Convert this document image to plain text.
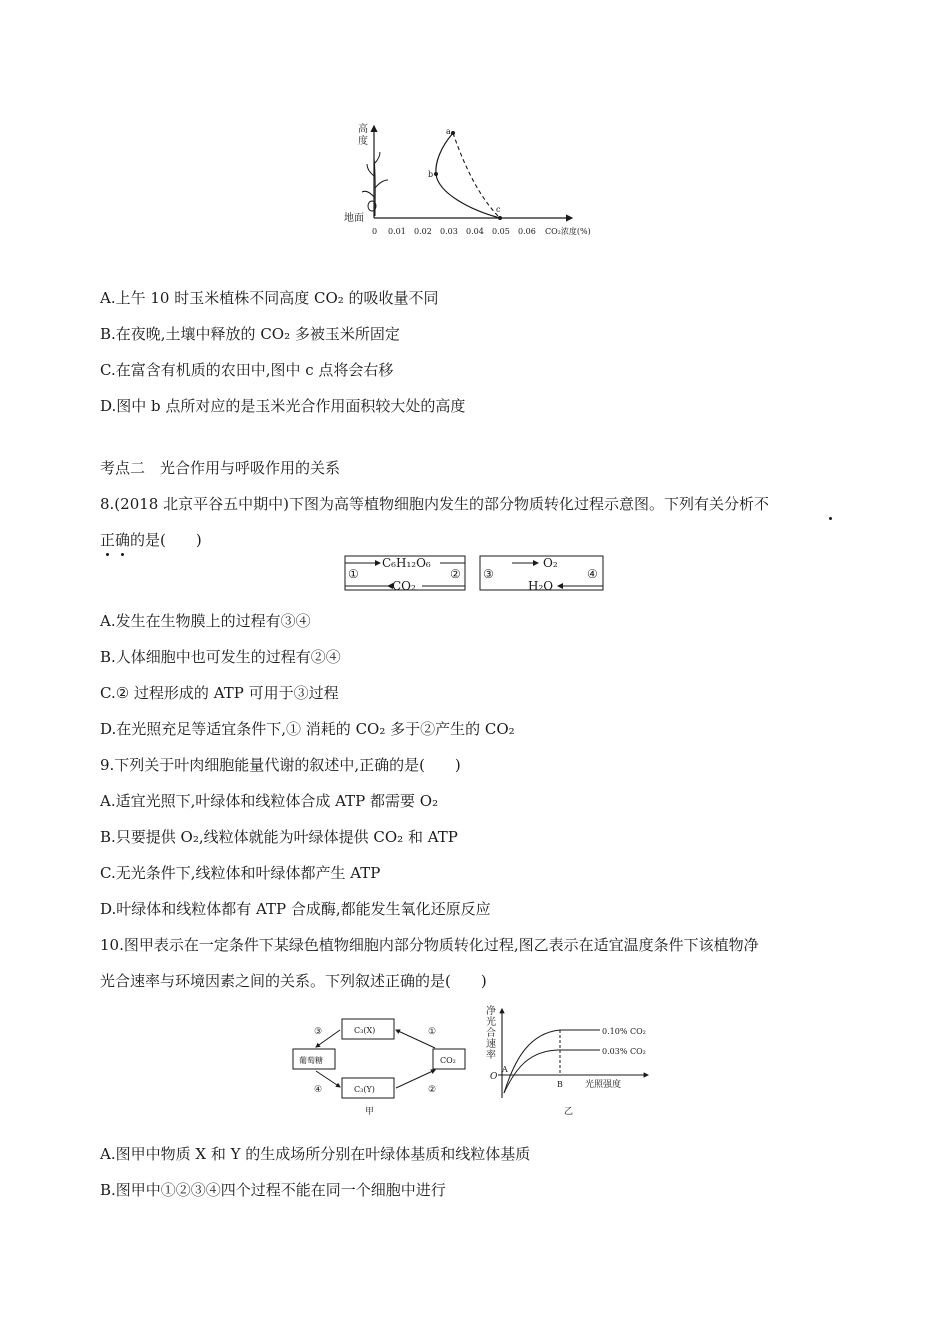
高
度
地面
0 0.01 0.02 0.03 0.04 0.05 0.06 CO₂浓度(%)
a
b
c
A.上午 10 时玉米植株不同高度 CO₂ 的吸收量不同
B.在夜晚,土壤中释放的 CO₂ 多被玉米所固定
C.在富含有机质的农田中,图中 c 点将会右移
D.图中 b 点所对应的是玉米光合作用面积较大处的高度
考点二　光合作用与呼吸作用的关系
8.(2018 北京平谷五中期中)下图为高等植物细胞内发生的部分物质转化过程示意图。下列有关分析不
正确的是(　　)
C₆H₁₂O₆
CO₂
①	②
O₂
H₂O
③	④
A.发生在生物膜上的过程有③④
B.人体细胞中也可发生的过程有②④
C.② 过程形成的 ATP 可用于③过程
D.在光照充足等适宜条件下,① 消耗的 CO₂ 多于②产生的 CO₂
9.下列关于叶肉细胞能量代谢的叙述中,正确的是(　　)
A.适宜光照下,叶绿体和线粒体合成 ATP 都需要 O₂
B.只要提供 O₂,线粒体就能为叶绿体提供 CO₂ 和 ATP
C.无光条件下,线粒体和叶绿体都产生 ATP
D.叶绿体和线粒体都有 ATP 合成酶,都能发生氧化还原反应
10.图甲表示在一定条件下某绿色植物细胞内部分物质转化过程,图乙表示在适宜温度条件下该植物净
光合速率与环境因素之间的关系。下列叙述正确的是(　　)
C₃(X)
C₃(Y)
葡萄糖	CO₂
①
③
④	②
甲
净
光
合
速
率
O
A
B 光照强度
0.10% CO₂
0.03% CO₂
乙
A.图甲中物质 X 和 Y 的生成场所分别在叶绿体基质和线粒体基质
B.图甲中①②③④四个过程不能在同一个细胞中进行
